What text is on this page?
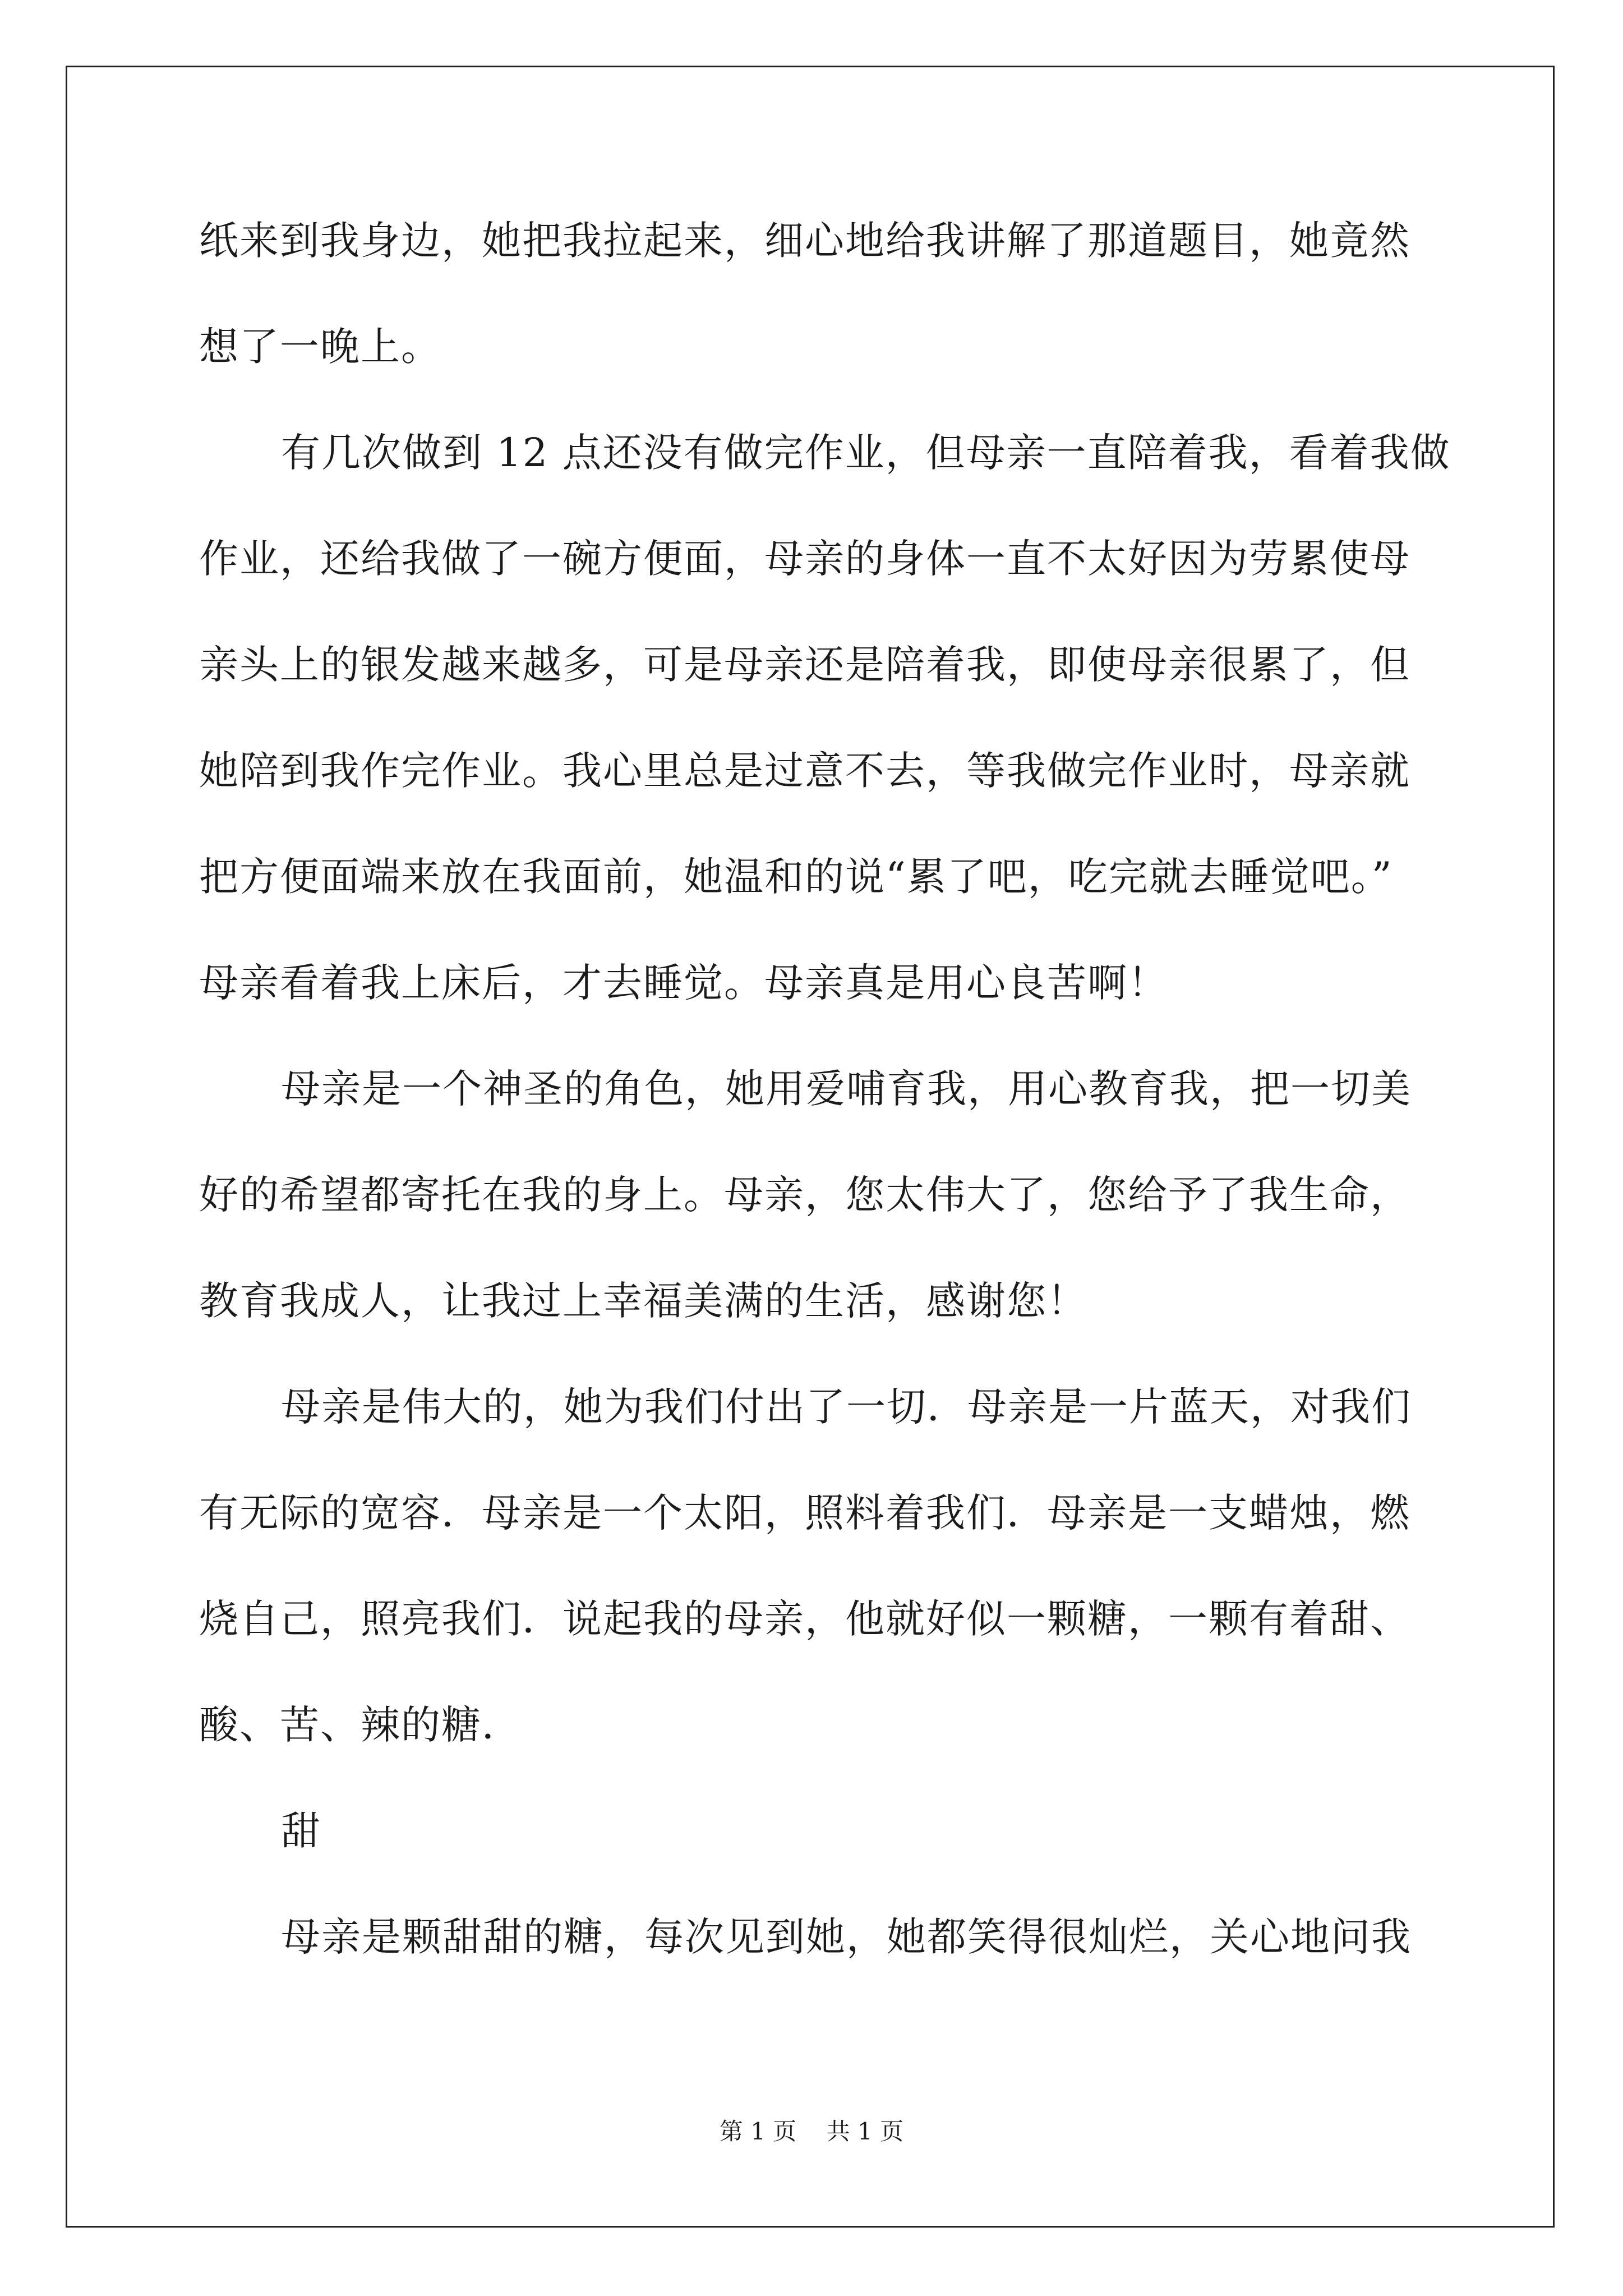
纸来到我身边，她把我拉起来，细心地给我讲解了那道题目，她竟然
想了一晚上。
有几次做到 12 点还没有做完作业，但母亲一直陪着我，看着我做
作业，还给我做了一碗方便面，母亲的身体一直不太好因为劳累使母
亲头上的银发越来越多，可是母亲还是陪着我，即使母亲很累了，但
她陪到我作完作业。我心里总是过意不去，等我做完作业时，母亲就
把方便面端来放在我面前，她温和的说“累了吧，吃完就去睡觉吧。”
母亲看着我上床后，才去睡觉。母亲真是用心良苦啊！
母亲是一个神圣的角色，她用爱哺育我，用心教育我，把一切美
好的希望都寄托在我的身上。母亲，您太伟大了，您给予了我生命，
教育我成人，让我过上幸福美满的生活，感谢您！
母亲是伟大的，她为我们付出了一切．母亲是一片蓝天，对我们
有无际的宽容．母亲是一个太阳，照料着我们．母亲是一支蜡烛，燃
烧自己，照亮我们．说起我的母亲，他就好似一颗糖，一颗有着甜、
酸、苦、辣的糖．
甜
母亲是颗甜甜的糖，每次见到她，她都笑得很灿烂，关心地问我
第 1 页    共 1 页
